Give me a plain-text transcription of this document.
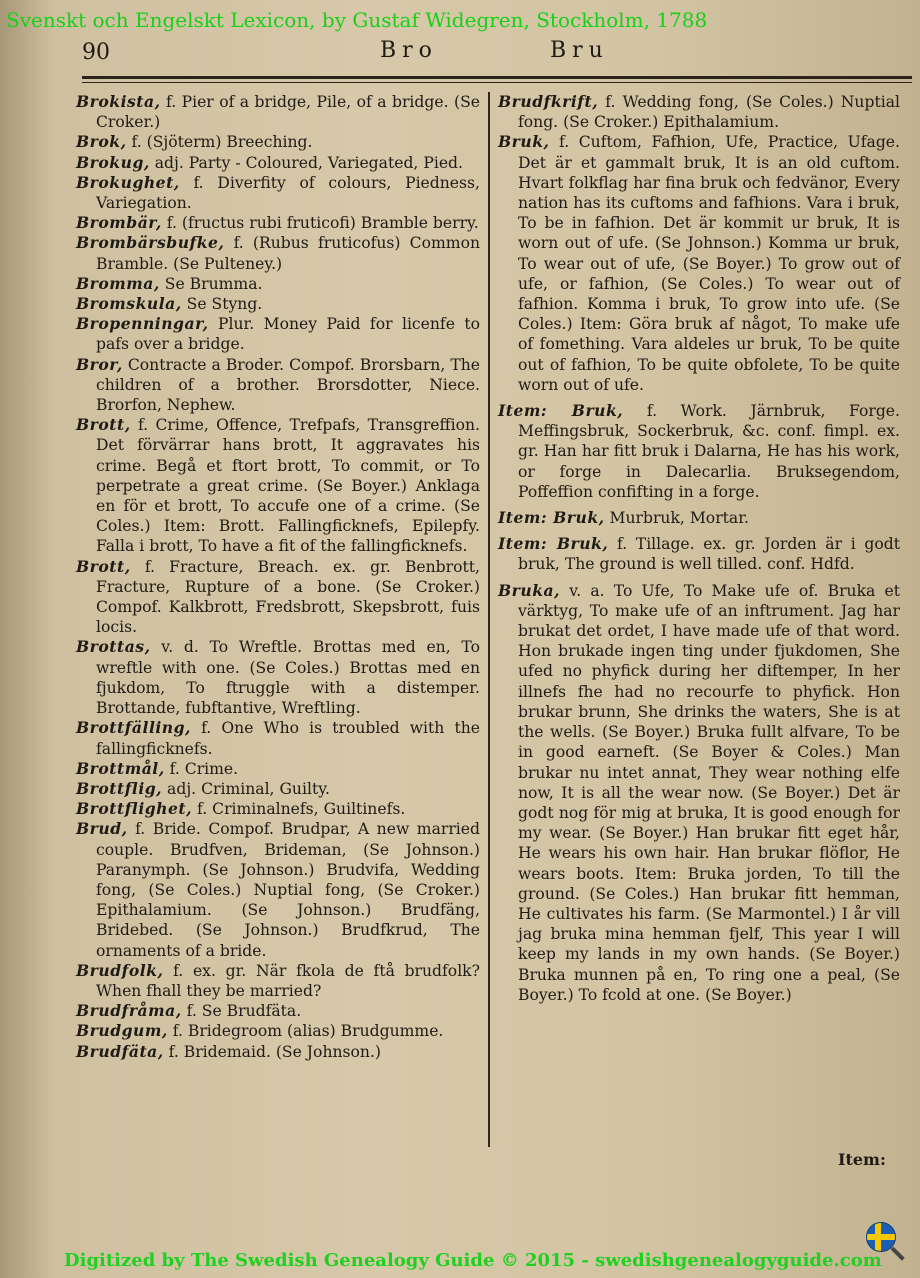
Svenskt och Engelskt Lexicon, by Gustaf Widegren, Stockholm, 1788
90	Bro	Bru

Brokista, f. Pier of a bridge, Pile, of a bridge. (Se Croker.)

Brok, f. (Sjöterm) Breeching.

Brokug, adj. Party - Coloured, Variegated, Pied.

Brokughet, f. Diverfity of colours, Piedness, Variegation.

Brombär, f. (fructus rubi fruticofi) Bramble berry.

Brombärsbufke, f. (Rubus fruticofus) Common Bramble. (Se Pulteney.)

Bromma, Se Brumma.

Bromskula, Se Styng.

Bropenningar, Plur. Money Paid for licenfe to pafs over a bridge.

Bror, Contracte a Broder. Compof. Brorsbarn, The children of a brother. Brorsdotter, Niece. Brorfon, Nephew.

Brott, f. Crime, Offence, Trefpafs, Transgreffion. Det förvärrar hans brott, It aggravates his crime. Begå et ftort brott, To commit, or To perpetrate a great crime. (Se Boyer.) Anklaga en för et brott, To accufe one of a crime. (Se Coles.) Item: Brott. Fallingficknefs, Epilepfy. Falla i brott, To have a fit of the fallingficknefs.

Brott, f. Fracture, Breach. ex. gr. Benbrott, Fracture, Rupture of a bone. (Se Croker.) Compof. Kalkbrott, Fredsbrott, Skepsbrott, fuis locis.

Brottas, v. d. To Wreftle. Brottas med en, To wreftle with one. (Se Coles.) Brottas med en fjukdom, To ftruggle with a distemper. Brottande, fubftantive, Wreftling.

Brottfälling, f. One Who is troubled with the fallingficknefs.

Brottmål, f. Crime.

Brottflig, adj. Criminal, Guilty.

Brottflighet, f. Criminalnefs, Guiltinefs.

Brud, f. Bride. Compof. Brudpar, A new married couple. Brudfven, Brideman, (Se Johnson.) Paranymph. (Se Johnson.) Brudvifa, Wedding fong, (Se Coles.) Nuptial fong, (Se Croker.) Epithalamium. (Se Johnson.) Brudfäng, Bridebed. (Se Johnson.) Brudfkrud, The ornaments of a bride.

Brudfolk, f. ex. gr. När fkola de ftå brudfolk? When fhall they be married?

Brudfråma, f. Se Brudfäta.

Brudgum, f. Bridegroom (alias) Brudgumme.

Brudfäta, f. Bridemaid. (Se Johnson.)

Brudfkrift, f. Wedding fong, (Se Coles.) Nuptial fong. (Se Croker.) Epithalamium.

Bruk, f. Cuftom, Fafhion, Ufe, Practice, Ufage. Det är et gammalt bruk, It is an old cuftom. Hvart folkflag har fina bruk och fedvänor, Every nation has its cuftoms and fafhions. Vara i bruk, To be in fafhion. Det är kommit ur bruk, It is worn out of ufe. (Se Johnson.) Komma ur bruk, To wear out of ufe, (Se Boyer.) To grow out of ufe, or fafhion, (Se Coles.) To wear out of fafhion. Komma i bruk, To grow into ufe. (Se Coles.) Item: Göra bruk af något, To make ufe of fomething. Vara aldeles ur bruk, To be quite out of fafhion, To be quite obfolete, To be quite worn out of ufe.

Item: Bruk, f. Work. Järnbruk, Forge. Meffingsbruk, Sockerbruk, &c. conf. fimpl. ex. gr. Han har fitt bruk i Dalarna, He has his work, or forge in Dalecarlia. Bruksegendom, Poffeffion confifting in a forge.

Item: Bruk, Murbruk, Mortar.

Item: Bruk, f. Tillage. ex. gr. Jorden är i godt bruk, The ground is well tilled. conf. Hdfd.

Bruka, v. a. To Ufe, To Make ufe of. Bruka et värktyg, To make ufe of an inftrument. Jag har brukat det ordet, I have made ufe of that word. Hon brukade ingen ting under fjukdomen, She ufed no phyfick during her diftemper, In her illnefs fhe had no recourfe to phyfick. Hon brukar brunn, She drinks the waters, She is at the wells. (Se Boyer.) Bruka fullt alfvare, To be in good earneft. (Se Boyer & Coles.) Man brukar nu intet annat, They wear nothing elfe now, It is all the wear now. (Se Boyer.) Det är godt nog för mig at bruka, It is good enough for my wear. (Se Boyer.) Han brukar fitt eget hår, He wears his own hair. Han brukar flöflor, He wears boots. Item: Bruka jorden, To till the ground. (Se Coles.) Han brukar fitt hemman, He cultivates his farm. (Se Marmontel.) I år vill jag bruka mina hemman fjelf, This year I will keep my lands in my own hands. (Se Boyer.) Bruka munnen på en, To ring one a peal, (Se Boyer.) To fcold at one. (Se Boyer.)

Item:
Digitized by The Swedish Genealogy Guide © 2015 - swedishgenealogyguide.com
